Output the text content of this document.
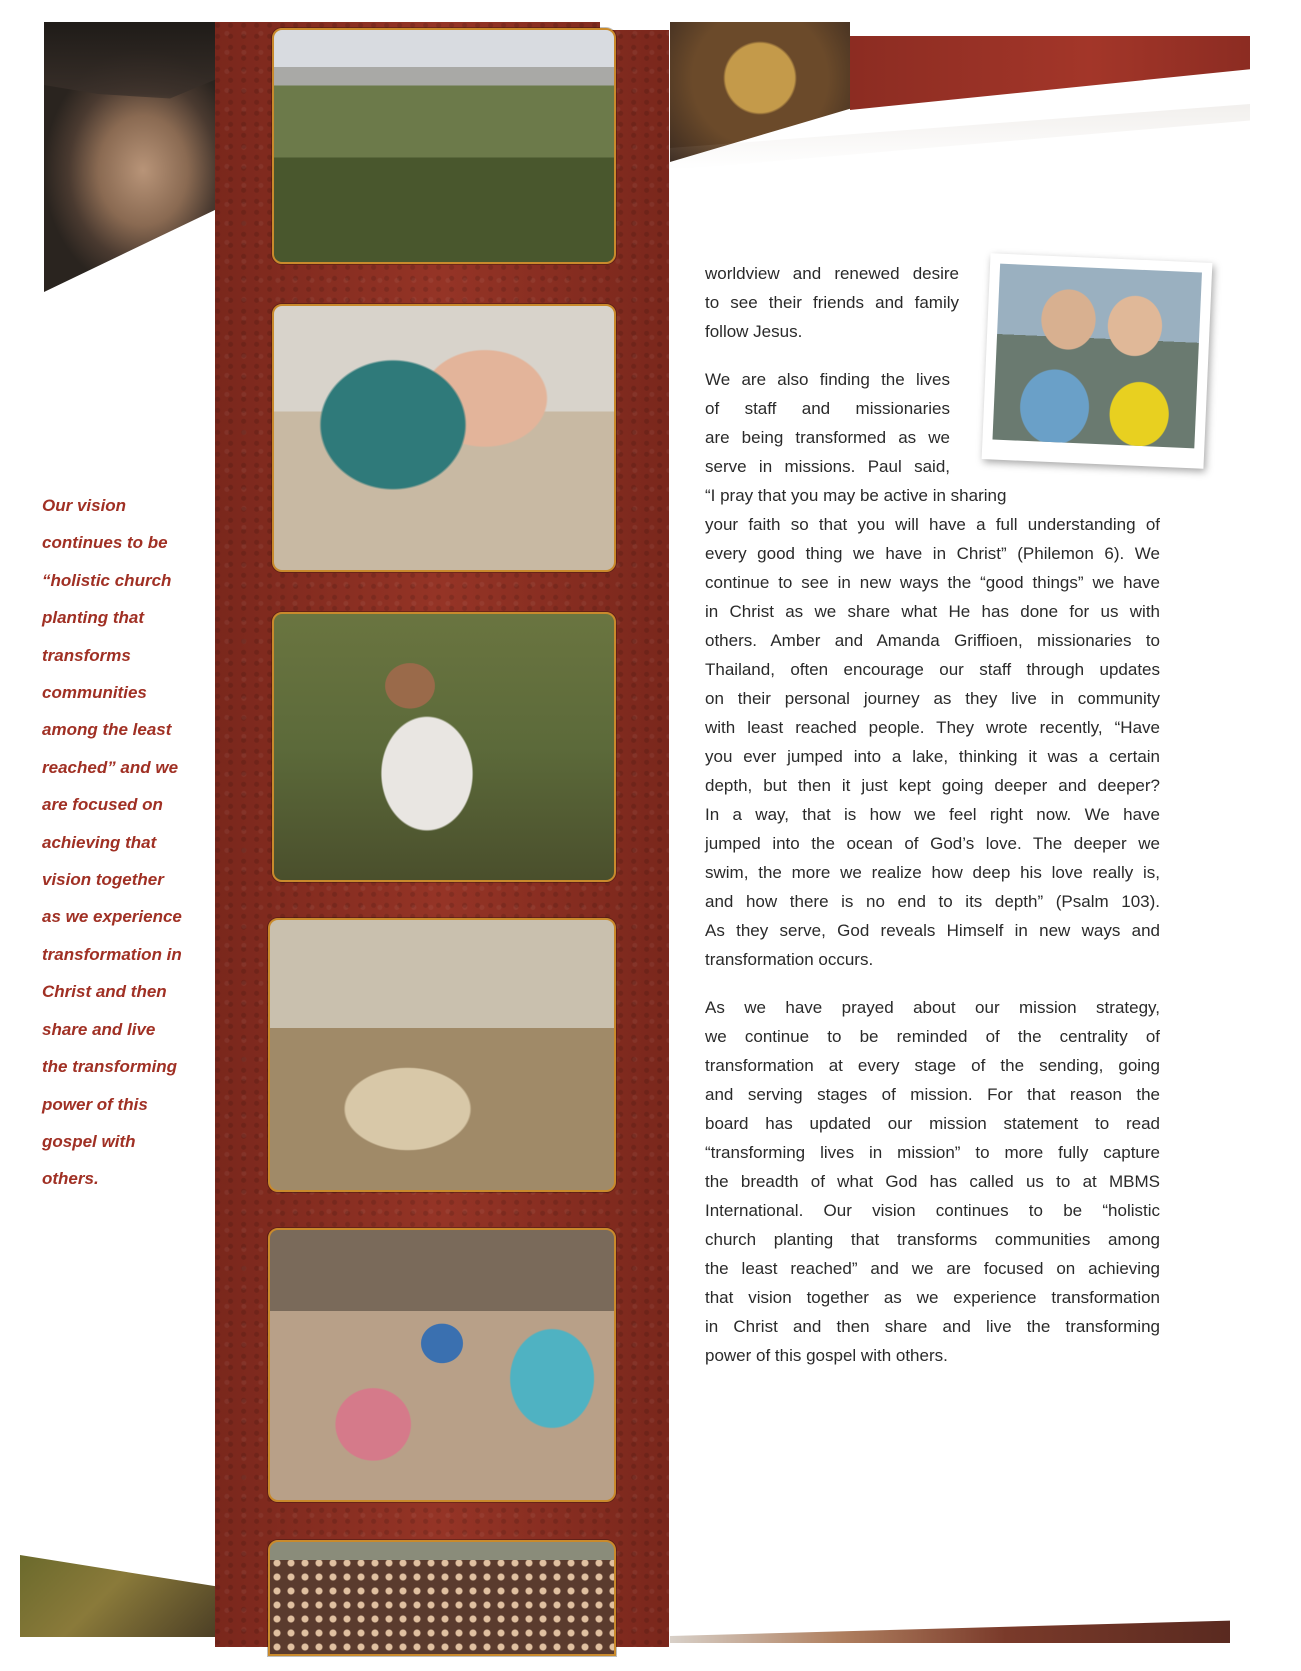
Our vision
continues to be
“holistic church
planting that
transforms
communities
among the least
reached” and we
are focused on
achieving that
vision together
as we experience
transformation in
Christ and then
share and live
the transforming
power of this
gospel with
others.

worldview and renewed desire
to see their friends and family
follow Jesus.

We are also finding the lives
of staff and missionaries
are being transformed as we
serve in missions. Paul said,
“I pray that you may be active in sharing
your faith so that you will have a full understanding of
every good thing we have in Christ” (Philemon 6). We
continue to see in new ways the “good things” we have
in Christ as we share what He has done for us with
others. Amber and Amanda Griffioen, missionaries to
Thailand, often encourage our staff through updates
on their personal journey as they live in community
with least reached people. They wrote recently, “Have
you ever jumped into a lake, thinking it was a certain
depth, but then it just kept going deeper and deeper?
In a way, that is how we feel right now. We have
jumped into the ocean of God’s love. The deeper we
swim, the more we realize how deep his love really is,
and how there is no end to its depth” (Psalm 103).
As they serve, God reveals Himself in new ways and
transformation occurs.

As we have prayed about our mission strategy,
we continue to be reminded of the centrality of
transformation at every stage of the sending, going
and serving stages of mission. For that reason the
board has updated our mission statement to read
“transforming lives in mission” to more fully capture
the breadth of what God has called us to at MBMS
International. Our vision continues to be “holistic
church planting that transforms communities among
the least reached” and we are focused on achieving
that vision together as we experience transformation
in Christ and then share and live the transforming
power of this gospel with others.
